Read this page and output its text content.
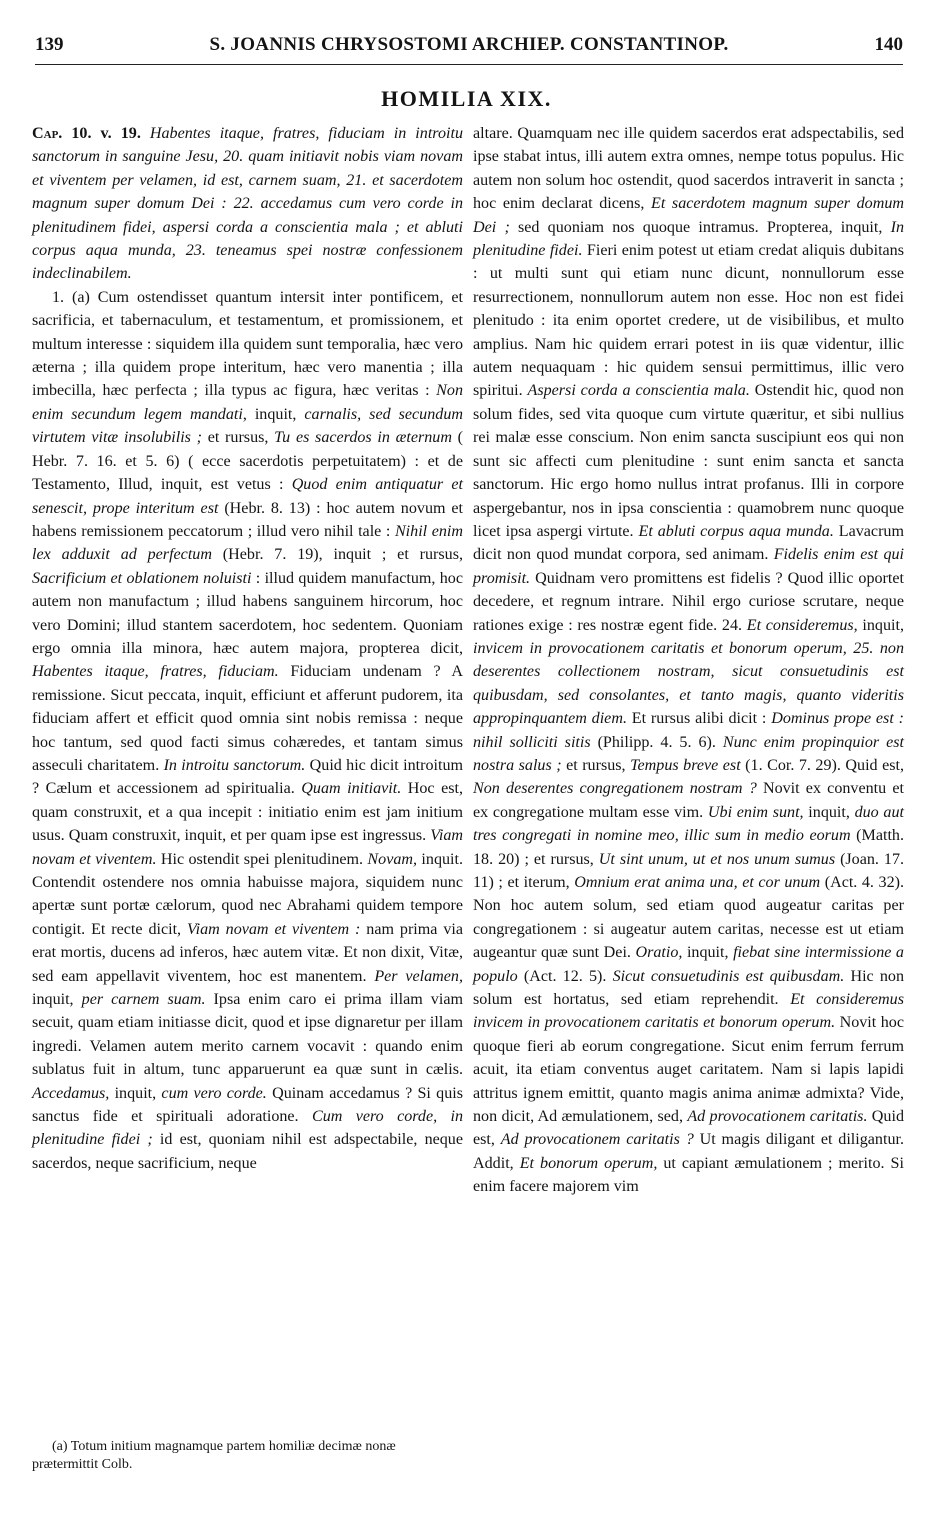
139	S. JOANNIS CHRYSOSTOMI ARCHIEP. CONSTANTINOP.	140
HOMILIA XIX.

Cap. 10. v. 19. Habentes itaque, fratres, fiduciam in introitu sanctorum in sanguine Jesu, 20. quam initiavit nobis viam novam et viventem per velamen, id est, carnem suam, 21. et sacerdotem magnum super domum Dei : 22. accedamus cum vero corde in plenitudinem fidei, aspersi corda a conscientia mala ; et abluti corpus aqua munda, 23. teneamus spei nostræ confessionem indeclinabilem.

1. (a) Cum ostendisset quantum intersit inter pontificem, et sacrificia, et tabernaculum, et testamentum, et promissionem, et multum interesse : siquidem illa quidem sunt temporalia, hæc vero æterna ; illa quidem prope interitum, hæc vero manentia ; illa imbecilla, hæc perfecta ; illa typus ac figura, hæc veritas : Non enim secundum legem mandati, inquit, carnalis, sed secundum virtutem vitæ insolubilis ; et rursus, Tu es sacerdos in æternum ( Hebr. 7. 16. et 5. 6) ( ecce sacerdotis perpetuitatem) : et de Testamento, Illud, inquit, est vetus : Quod enim antiquatur et senescit, prope interitum est (Hebr. 8. 13) : hoc autem novum et habens remissionem peccatorum ; illud vero nihil tale : Nihil enim lex adduxit ad perfectum (Hebr. 7. 19), inquit ; et rursus, Sacrificium et oblationem noluisti : illud quidem manufactum, hoc autem non manufactum ; illud habens sanguinem hircorum, hoc vero Domini; illud stantem sacerdotem, hoc sedentem. Quoniam ergo omnia illa minora, hæc autem majora, propterea dicit, Habentes itaque, fratres, fiduciam. Fiduciam undenam ? A remissione. Sicut peccata, inquit, efficiunt et afferunt pudorem, ita fiduciam affert et efficit quod omnia sint nobis remissa : neque hoc tantum, sed quod facti simus cohæredes, et tantam simus asseculi charitatem. In introitu sanctorum. Quid hic dicit introitum ? Cælum et accessionem ad spiritualia. Quam initiavit. Hoc est, quam construxit, et a qua incepit : initiatio enim est jam initium usus. Quam construxit, inquit, et per quam ipse est ingressus. Viam novam et viventem. Hic ostendit spei plenitudinem. Novam, inquit. Contendit ostendere nos omnia habuisse majora, siquidem nunc apertæ sunt portæ cælorum, quod nec Abrahami quidem tempore contigit. Et recte dicit, Viam novam et viventem : nam prima via erat mortis, ducens ad inferos, hæc autem vitæ. Et non dixit, Vitæ, sed eam appellavit viventem, hoc est manentem. Per velamen, inquit, per carnem suam. Ipsa enim caro ei prima illam viam secuit, quam etiam initiasse dicit, quod et ipse dignaretur per illam ingredi. Velamen autem merito carnem vocavit : quando enim sublatus fuit in altum, tunc apparuerunt ea quæ sunt in cælis. Accedamus, inquit, cum vero corde. Quinam accedamus ? Si quis sanctus fide et spirituali adoratione. Cum vero corde, in plenitudine fidei ; id est, quoniam nihil est adspectabile, neque sacerdos, neque sacrificium, neque

altare. Quamquam nec ille quidem sacerdos erat adspectabilis, sed ipse stabat intus, illi autem extra omnes, nempe totus populus. Hic autem non solum hoc ostendit, quod sacerdos intraverit in sancta ; hoc enim declarat dicens, Et sacerdotem magnum super domum Dei ; sed quoniam nos quoque intramus. Propterea, inquit, In plenitudine fidei. Fieri enim potest ut etiam credat aliquis dubitans : ut multi sunt qui etiam nunc dicunt, nonnullorum esse resurrectionem, nonnullorum autem non esse. Hoc non est fidei plenitudo : ita enim oportet credere, ut de visibilibus, et multo amplius. Nam hic quidem errari potest in iis quæ videntur, illic autem nequaquam : hic quidem sensui permittimus, illic vero spiritui. Aspersi corda a conscientia mala. Ostendit hic, quod non solum fides, sed vita quoque cum virtute quæritur, et sibi nullius rei malæ esse conscium. Non enim sancta suscipiunt eos qui non sunt sic affecti cum plenitudine : sunt enim sancta et sancta sanctorum. Hic ergo homo nullus intrat profanus. Illi in corpore aspergebantur, nos in ipsa conscientia : quamobrem nunc quoque licet ipsa aspergi virtute. Et abluti corpus aqua munda. Lavacrum dicit non quod mundat corpora, sed animam. Fidelis enim est qui promisit. Quidnam vero promittens est fidelis ? Quod illic oportet decedere, et regnum intrare. Nihil ergo curiose scrutare, neque rationes exige : res nostræ egent fide. 24. Et consideremus, inquit, invicem in provocationem caritatis et bonorum operum, 25. non deserentes collectionem nostram, sicut consuetudinis est quibusdam, sed consolantes, et tanto magis, quanto videritis appropinquantem diem. Et rursus alibi dicit : Dominus prope est : nihil solliciti sitis (Philipp. 4. 5. 6). Nunc enim propinquior est nostra salus ; et rursus, Tempus breve est (1. Cor. 7. 29). Quid est, Non deserentes congregationem nostram ? Novit ex conventu et ex congregatione multam esse vim. Ubi enim sunt, inquit, duo aut tres congregati in nomine meo, illic sum in medio eorum (Matth. 18. 20) ; et rursus, Ut sint unum, ut et nos unum sumus (Joan. 17. 11) ; et iterum, Omnium erat anima una, et cor unum (Act. 4. 32). Non hoc autem solum, sed etiam quod augeatur caritas per congregationem : si augeatur autem caritas, necesse est ut etiam augeantur quæ sunt Dei. Oratio, inquit, fiebat sine intermissione a populo (Act. 12. 5). Sicut consuetudinis est quibusdam. Hic non solum est hortatus, sed etiam reprehendit. Et consideremus invicem in provocationem caritatis et bonorum operum. Novit hoc quoque fieri ab eorum congregatione. Sicut enim ferrum ferrum acuit, ita etiam conventus auget caritatem. Nam si lapis lapidi attritus ignem emittit, quanto magis anima animæ admixta? Vide, non dicit, Ad æmulationem, sed, Ad provocationem caritatis. Quid est, Ad provocationem caritatis ? Ut magis diligant et diligantur. Addit, Et bonorum operum, ut capiant æmulationem ; merito. Si enim facere majorem vim

(a) Totum initium magnamque partem homiliæ decimæ nonæ prætermittit Colb.
